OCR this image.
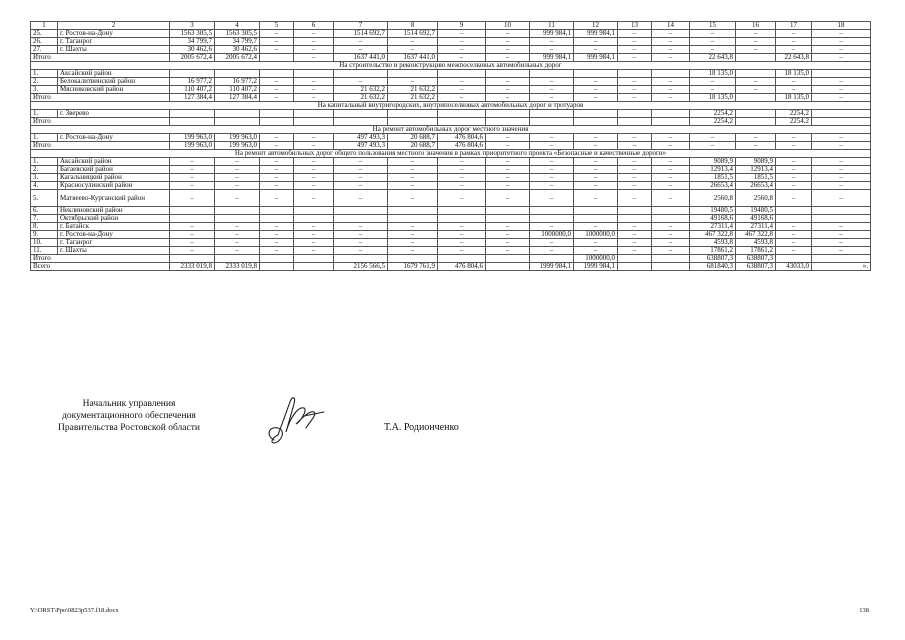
1	2	3	4	5	6	7	8	9	10	11	12	13	14	15	16	17	18
25.	г. Ростов-на-Дону	1563 305,5	1563 305,5	–	–	1514 692,7	1514 692,7	–	–	999 984,1	999 984,1	–	–	–	–	–	–
26.	г. Таганрог	34 799,7	34 799,7	–	–	–	–	–	–	–	–	–	–	–	–	–	–
27.	г. Шахты	30 462,6	30 462,6	–	–	–	–	–	–	–	–	–	–	–	–	–	–
Итого		2005 672,4	2005 672,4		–	1637 441,0	1637 441,0	–	–	999 984,1	999 984,1	–	–	22 643,8		22 643,8	–
На строительство и реконструкцию межпоселковых автомобильных дорог																	
1.	Аксайский район													18 135,0		18 135,0	
2.	Белокалитвинский район	16 977,2	16 977,2	–	–	–	–	–	–	–	–	–	–	–	–	–	–
3.	Мясниковский район	110 407,2	110 407,2	–	–	21 632,2	21 632,2	–	–	–	–	–	–	–	–	–	–
Итого		127 384,4	127 384,4	–	–	21 632,2	21 632,2	–	–	–	–	–	–	18 135,0		18 135,0	–
На капитальный внутригородских, внутрипоселковых автомобильных дорог и тротуаров																	
1.	г. Зверево													2254,2		2254,2	
Итого														2254,2		2254,2	
На ремонт автомобильных дорог местного значения																	
1.	г. Ростов-на-Дону	199 963,0	199 963,0	–	–	497 493,3	20 688,7	476 804,6	–	–	–	–	–	–	–	–	–
Итого		199 963,0	199 963,0	–	–	497 493,3	20 688,7	476 804,6	–	–	–	–	–	–	–	–	–
На ремонт автомобильных дорог общего пользования местного значения в рамках приоритетного проекта «Безопасные и качественные дороги»																	
1.	Аксайский район	–	–	–	–	–	–	–	–	–	–	–	–	9089,9	9089,9	–	–
2.	Багаевский район	–	–	–	–	–	–	–	–	–	–	–	–	12913,4	12913,4	–	–
3.	Кагальницкий район	–	–	–	–	–	–	–	–	–	–	–	–	1851,5	1851,5	–	–
4.	Красносулинский район	–	–	–	–	–	–	–	–	–	–	–	–	26653,4	26653,4	–	–
5.	Матвеево-Курганский район	–	–	–	–	–	–	–	–	–	–	–	–	2560,8	2560,8	–	–
6.	Неклиновский район													19480,5	19480,5		
7.	Октябрьский район													49168,6	49168,6		
8.	г. Батайск	–	–	–	–	–	–	–	–	–	–	–	–	27311,4	27311,4	–	–
9.	г. Ростов-на-Дону	–	–	–	–	–	–	–	–	1000000,0	1000000,0	–	–	467 322,8	467 322,8	–	–
10.	г. Таганрог	–	–	–	–	–	–	–	–	–	–	–	–	4593,8	4593,8	–	–
11.	г. Шахты	–	–	–	–	–	–	–	–	–	–	–	–	17861,2	17861,2	–	–
Итого											1000000,0			638807,3	638807,3		
Всего		2333 019,8	2333 019,8			2156 566,5	1679 761,9	476 804,6		1999 984,1	1999 984,1			681840,3	638807,3	43033,0	».
Начальник управления
документационного обеспечения
Правительства Ростовской области	Т.А. Родионченко
Y:\ORST\Ppo\0823p537.f18.docx	138
